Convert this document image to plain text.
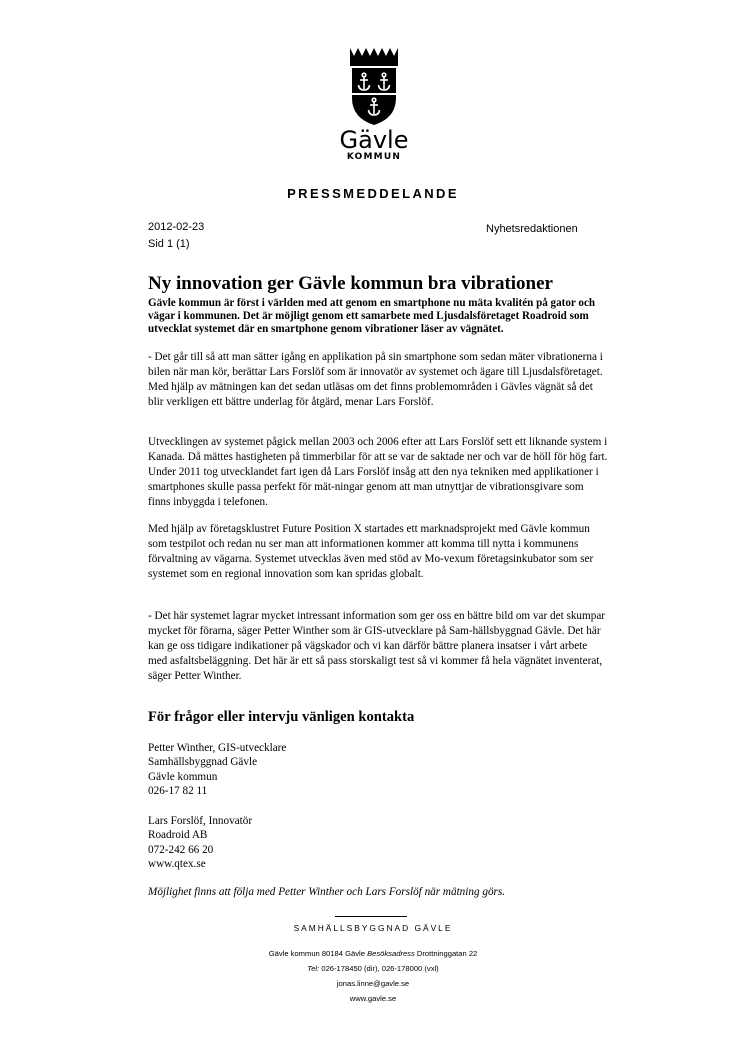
Gävle
KOMMUN
PRESSMEDDELANDE
2012-02-23
Sid 1 (1)
Nyhetsredaktionen
Ny innovation ger Gävle kommun bra vibrationer
Gävle kommun är först i världen med att genom en smartphone nu mäta kvalitén på gator och vägar i kommunen. Det är möjligt genom ett samarbete med Ljusdalsföretaget Roadroid som utvecklat systemet där en smartphone genom vibrationer läser av vägnätet.

- Det går till så att man sätter igång en applikation på sin smartphone som sedan mäter vibrationerna i bilen när man kör, berättar Lars Forslöf som är innovatör av systemet och ägare till Ljusdalsföretaget. Med hjälp av mätningen kan det sedan utläsas om det finns problemområden i Gävles vägnät så det blir verkligen ett bättre underlag för åtgärd, menar Lars Forslöf.

Utvecklingen av systemet pågick mellan 2003 och 2006 efter att Lars Forslöf sett ett liknande system i Kanada. Då mättes hastigheten på timmerbilar för att se var de saktade ner och var de höll för hög fart. Under 2011 tog utvecklandet fart igen då Lars Forslöf insåg att den nya tekniken med applikationer i smartphones skulle passa perfekt för mät-ningar genom att man utnyttjar de vibrationsgivare som finns inbyggda i telefonen.

Med hjälp av företagsklustret Future Position X startades ett marknadsprojekt med Gävle kommun som testpilot och redan nu ser man att informationen kommer att komma till nytta i kommunens förvaltning av vägarna. Systemet utvecklas även med stöd av Mo-vexum företagsinkubator som ser systemet som en regional innovation som kan spridas globalt.

- Det här systemet lagrar mycket intressant information som ger oss en bättre bild om var det skumpar mycket för förarna, säger Petter Winther som är GIS-utvecklare på Sam-hällsbyggnad Gävle. Det här kan ge oss tidigare indikationer på vägskador och vi kan därför bättre planera insatser i vårt arbete med asfaltsbeläggning. Det här är ett så pass storskaligt test så vi kommer få hela vägnätet inventerat, säger Petter Winther.

För frågor eller intervju vänligen kontakta
Petter Winther, GIS-utvecklare
Samhällsbyggnad Gävle
Gävle kommun
026-17 82 11
Lars Forslöf, Innovatör
Roadroid AB
072-242 66 20
www.qtex.se
Möjlighet finns att följa med Petter Winther och Lars Forslöf när mätning görs.
SAMHÄLLSBYGGNAD GÄVLE
Gävle kommun 80184 Gävle Besöksadress Drottninggatan 22
Tel: 026-178450 (dir), 026-178000 (vxl)
jonas.linne@gavle.se
www.gavle.se
